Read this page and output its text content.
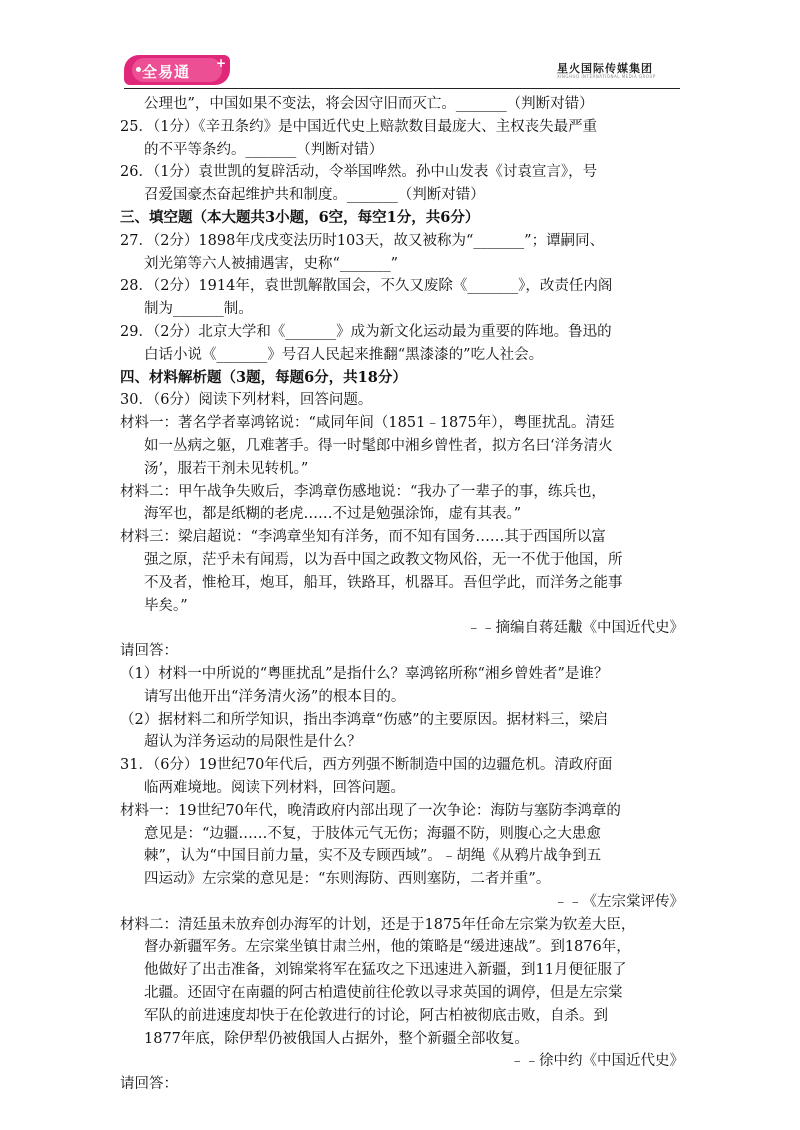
全易通 +	星火国际传媒集团
XINGHUO INTERNATIONAL MEDIA GROUP
公理也”，中国如果不变法，将会因守旧而灭亡。_______（判断对错）
25．（1分）《辛丑条约》是中国近代史上赔款数目最庞大、主权丧失最严重
的不平等条约。_______（判断对错）
26．（1分）袁世凯的复辟活动，令举国哗然。孙中山发表《讨袁宣言》，号
召爱国豪杰奋起维护共和制度。_______（判断对错）
三、填空题（本大题共3小题，6空，每空1分，共6分）
27．（2分）1898年戊戌变法历时103天，故又被称为“_______”；谭嗣同、
刘光第等六人被捕遇害，史称“_______”
28．（2分）1914年，袁世凯解散国会，不久又废除《_______》，改责任内阁
制为_______制。
29．（2分）北京大学和《_______》成为新文化运动最为重要的阵地。鲁迅的
白话小说《_______》号召人民起来推翻“黑漆漆的”吃人社会。
四、材料解析题（3题，每题6分，共18分）
30．（6分）阅读下列材料，回答问题。
材料一：著名学者辜鸿铭说：“咸同年间（1851﹣1875年），粤匪扰乱。清廷
如一丛病之躯，几难著手。得一时髦郎中湘乡曾性者，拟方名曰‘洋务清火
汤’，服若干剂未见转机。”
材料二：甲午战争失败后，李鸿章伤感地说：“我办了一辈子的事，练兵也，
海军也，都是纸糊的老虎……不过是勉强涂饰，虚有其表。”
材料三：梁启超说：“李鸿章坐知有洋务，而不知有国务……其于西国所以富
强之原，茫乎未有闻焉，以为吾中国之政教文物风俗，无一不优于他国，所
不及者，惟枪耳，炮耳，船耳，铁路耳，机器耳。吾但学此，而洋务之能事
毕矣。”
﹣﹣摘编自蒋廷黻《中国近代史》
请回答：
（1）材料一中所说的“粤匪扰乱”是指什么？辜鸿铭所称“湘乡曾姓者”是谁？
请写出他开出“洋务清火汤”的根本目的。
（2）据材料二和所学知识，指出李鸿章“伤感”的主要原因。据材料三，梁启
超认为洋务运动的局限性是什么？
31．（6分）19世纪70年代后，西方列强不断制造中国的边疆危机。清政府面
临两难境地。阅读下列材料，回答问题。
材料一：19世纪70年代，晚清政府内部出现了一次争论：海防与塞防李鸿章的
意见是：“边疆……不复，于肢体元气无伤；海疆不防，则腹心之大患愈
棘”，认为“中国目前力量，实不及专顾西域”。﹣胡绳《从鸦片战争到五
四运动》左宗棠的意见是：“东则海防、西则塞防，二者并重”。
﹣﹣《左宗棠评传》
材料二：清廷虽未放弃创办海军的计划，还是于1875年任命左宗棠为钦差大臣，
督办新疆军务。左宗棠坐镇甘肃兰州，他的策略是“缓进速战”。到1876年，
他做好了出击准备，刘锦棠将军在猛攻之下迅速进入新疆，到11月便征服了
北疆。还固守在南疆的阿古柏遣使前往伦敦以寻求英国的调停，但是左宗棠
军队的前进速度却快于在伦敦进行的讨论，阿古柏被彻底击败，自杀。到
1877年底，除伊犁仍被俄国人占据外，整个新疆全部收复。
﹣﹣徐中约《中国近代史》
请回答：
